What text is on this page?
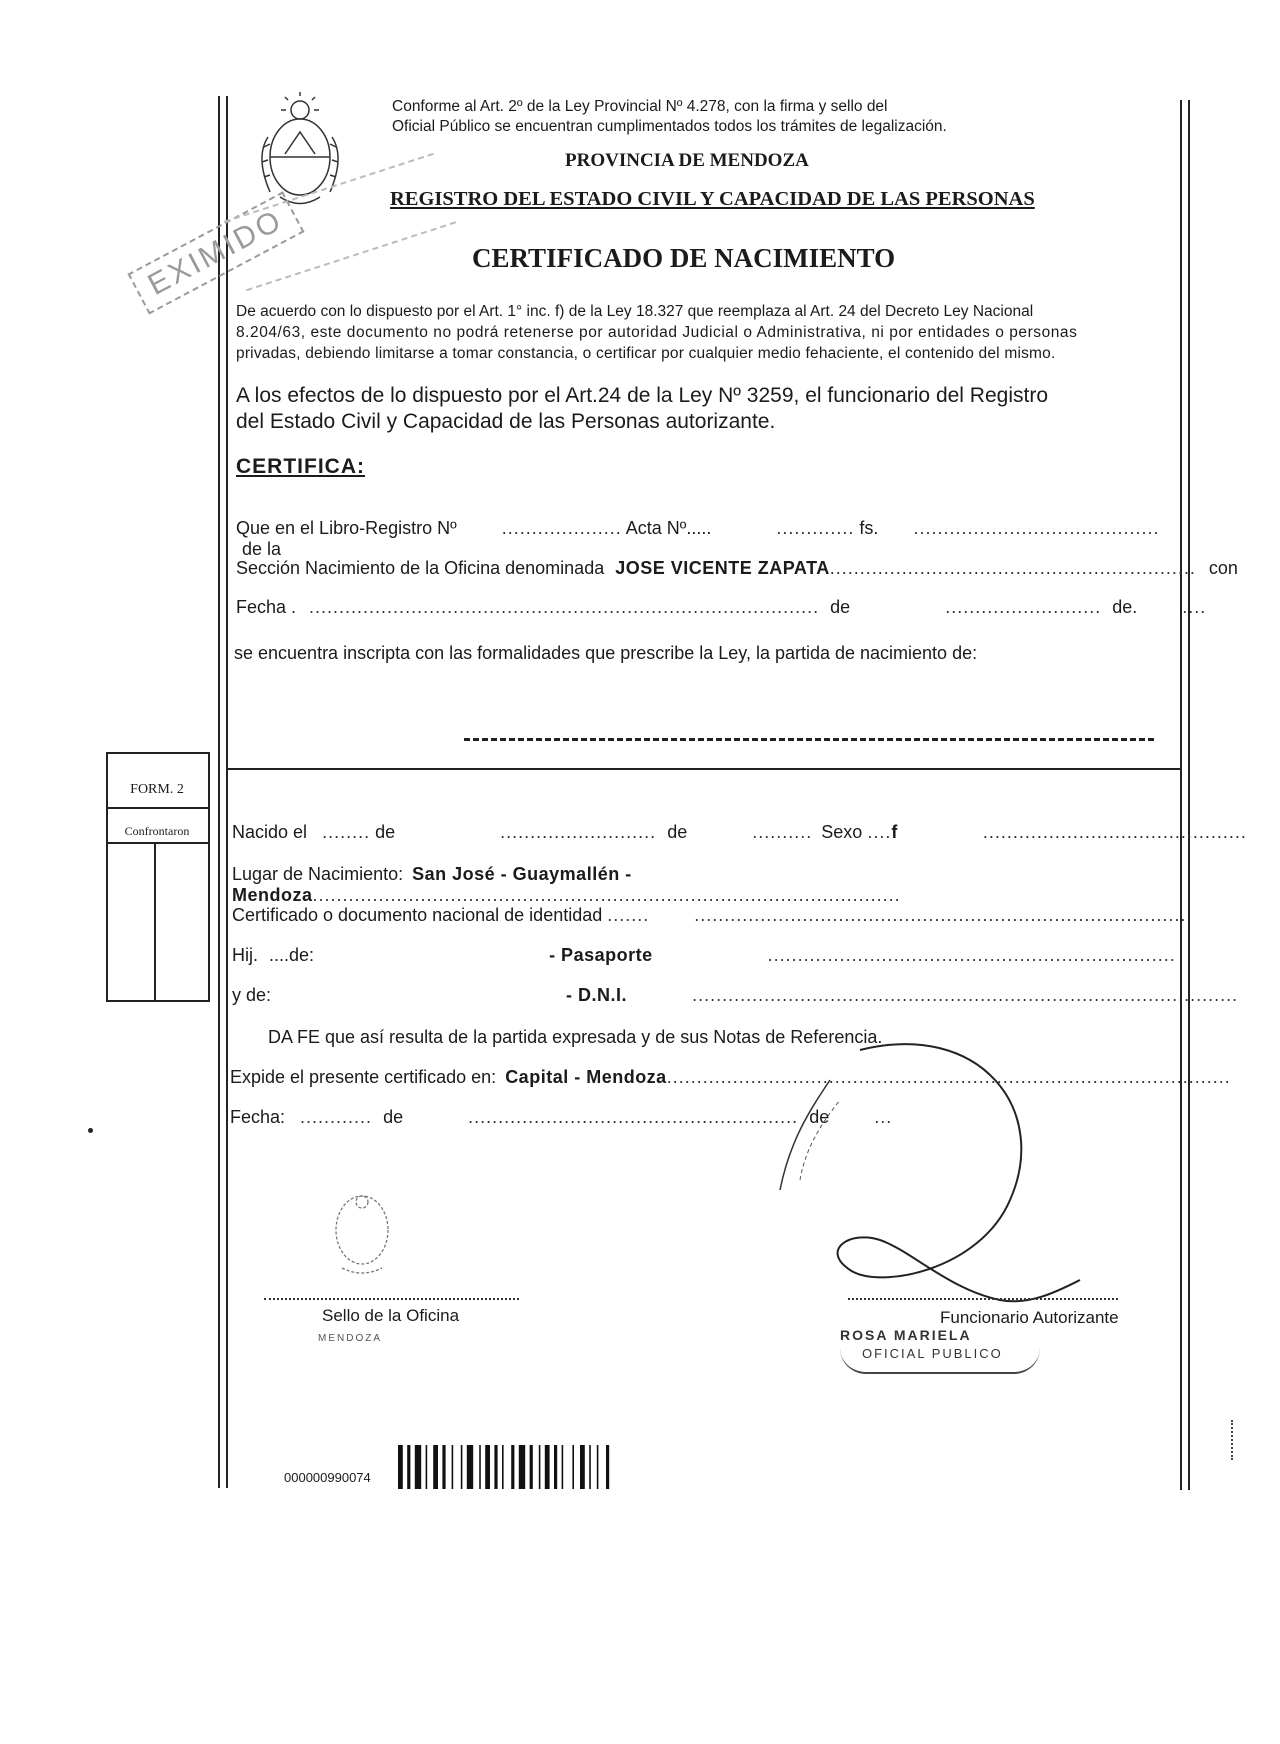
EXIMIDO
Conforme al Art. 2º de la Ley Provincial Nº 4.278, con la firma y sello del
Oficial Público se encuentran cumplimentados todos los trámites de legalización.
PROVINCIA DE MENDOZA
REGISTRO DEL ESTADO CIVIL Y CAPACIDAD DE LAS PERSONAS
CERTIFICADO DE NACIMIENTO
De acuerdo con lo dispuesto por el Art. 1° inc. f) de la Ley 18.327 que reemplaza al Art. 24 del Decreto Ley Nacional
8.204/63, este documento no podrá retenerse por autoridad Judicial o Administrativa, ni por entidades o personas
privadas, debiendo limitarse a tomar constancia, o certificar por cualquier medio fehaciente, el contenido del mismo.
A los efectos de lo dispuesto por el Art.24 de la Ley Nº 3259, el funcionario del Registro
del Estado Civil y Capacidad de las Personas autorizante.
CERTIFICA:
Que en el Libro-Registro Nº	.................... Acta Nº.....	............. fs. ......................................... de la
Sección Nacimiento de la Oficina denominada JOSE VICENTE ZAPATA............................................................. con
Fecha . ..................................................................................... de	.......................... de.	....
se encuentra inscripta con las formalidades que prescribe la Ley, la partida de nacimiento de:
FORM. 2
Confrontaron	Nacido el ........ de	.......................... de	.......... Sexo ....f	............................................
Lugar de Nacimiento: San José - Guaymallén - Mendoza..................................................................................................
Certificado o documento nacional de identidad .......	..................................................................................
Hij. ....de:	- Pasaporte	....................................................................
y de:	- D.N.I.	...........................................................................................
DA FE que así resulta de la partida expresada y de sus Notas de Referencia.
Expide el presente certificado en: Capital - Mendoza..............................................................................................
Fecha: ............ de	....................................................... de	...
Sello de la Oficina
MENDOZA
Funcionario Autorizante
ROSA MARIELA
OFICIAL PUBLICO
000000990074
